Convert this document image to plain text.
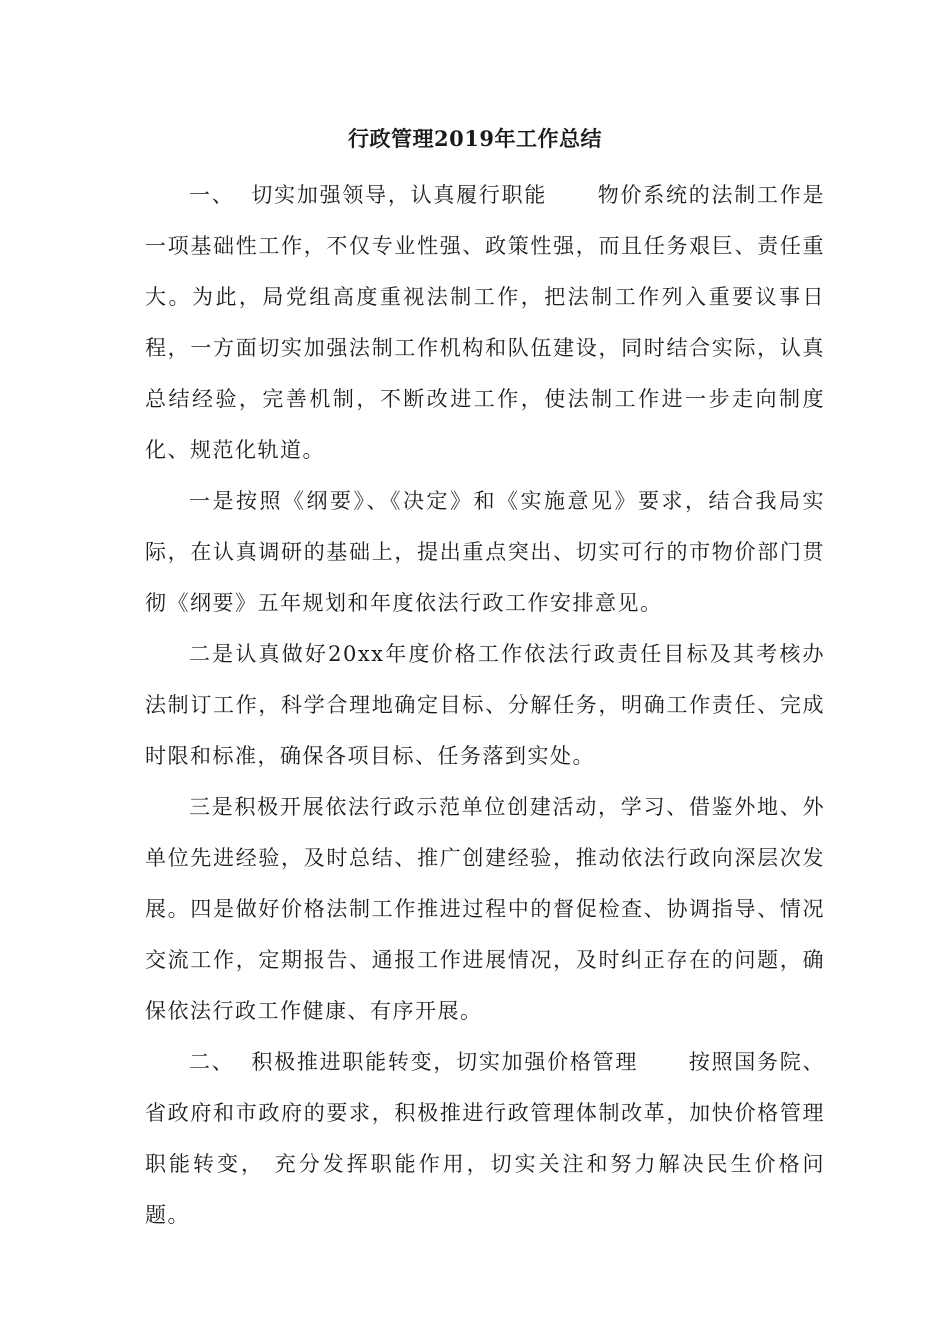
行政管理2019年工作总结

一、  切实加强领导，认真履行职能      物价系统的法制工作是一项基础性工作，不仅专业性强、政策性强，而且任务艰巨、责任重大。为此，局党组高度重视法制工作，把法制工作列入重要议事日程，一方面切实加强法制工作机构和队伍建设，同时结合实际，认真总结经验，完善机制，不断改进工作，使法制工作进一步走向制度化、规范化轨道。

一是按照《纲要》、《决定》和《实施意见》要求，结合我局实际，在认真调研的基础上，提出重点突出、切实可行的市物价部门贯彻《纲要》五年规划和年度依法行政工作安排意见。

二是认真做好20xx年度价格工作依法行政责任目标及其考核办法制订工作，科学合理地确定目标、分解任务，明确工作责任、完成时限和标准，确保各项目标、任务落到实处。

三是积极开展依法行政示范单位创建活动，学习、借鉴外地、外单位先进经验，及时总结、推广创建经验，推动依法行政向深层次发展。四是做好价格法制工作推进过程中的督促检查、协调指导、情况交流工作，定期报告、通报工作进展情况，及时纠正存在的问题，确保依法行政工作健康、有序开展。

二、  积极推进职能转变，切实加强价格管理      按照国务院、省政府和市政府的要求，积极推进行政管理体制改革，加快价格管理职能转变， 充分发挥职能作用，切实关注和努力解决民生价格问题。
